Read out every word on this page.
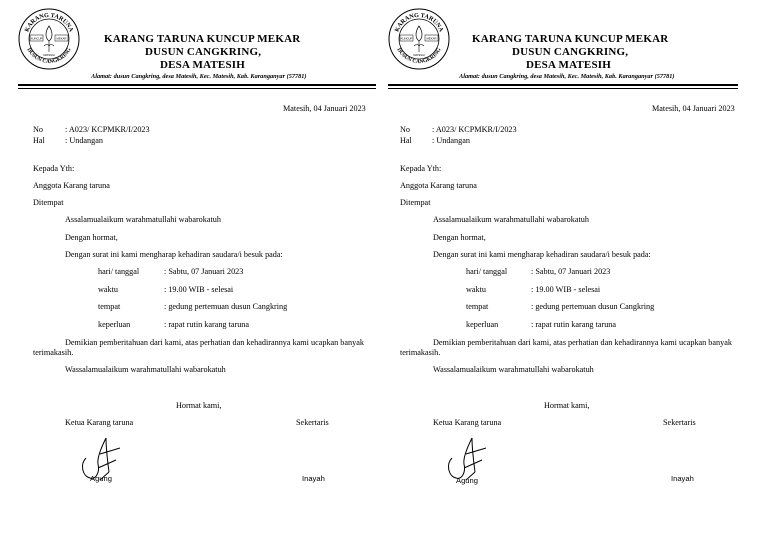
KARANG TARUNA
DUSUN CANGKRING
KUNCUP	MEKAR
MATESIH
KARANG TARUNA KUNCUP MEKAR
DUSUN CANGKRING,
DESA MATESIH
Alamat: dusun Cangkring, desa Matesih, Kec. Matesih, Kab. Karanganyar (57781)
Matesih, 04 Januari 2023
No	: A023/ KCPMKR/I/2023
Hal : Undangan
Kepada Yth:
Anggota Karang taruna
Ditempat
Assalamualaikum warahmatullahi wabarokatuh
Dengan hormat,
Dengan surat ini kami mengharap kehadiran saudara/i besuk pada:
hari/ tanggal	: Sabtu, 07 Januari 2023
waktu	: 19.00 WIB - selesai
tempat	: gedung pertemuan dusun Cangkring
keperluan	: rapat rutin karang taruna
Demikian pemberitahuan dari kami, atas perhatian dan kehadirannya kami ucapkan banyak
terimakasih.
Wassalamualaikum warahmatullahi wabarokatuh
Hormat kami,
Ketua Karang taruna	Sekertaris
Agung	Inayah
KARANG TARUNA
DUSUN CANGKRING
KUNCUP	MEKAR
MATESIH
KARANG TARUNA KUNCUP MEKAR
DUSUN CANGKRING,
DESA MATESIH
Alamat: dusun Cangkring, desa Matesih, Kec. Matesih, Kab. Karanganyar (57781)
Matesih, 04 Januari 2023
No	: A023/ KCPMKR/I/2023
Hal : Undangan
Kepada Yth:
Anggota Karang taruna
Ditempat
Assalamualaikum warahmatullahi wabarokatuh
Dengan hormat,
Dengan surat ini kami mengharap kehadiran saudara/i besuk pada:
hari/ tanggal	: Sabtu, 07 Januari 2023
waktu	: 19.00 WIB - selesai
tempat	: gedung pertemuan dusun Cangkring
keperluan	: rapat rutin karang taruna
Demikian pemberitahuan dari kami, atas perhatian dan kehadirannya kami ucapkan banyak
terimakasih.
Wassalamualaikum warahmatullahi wabarokatuh
Hormat kami,
Ketua Karang taruna	Sekertaris
Agung	Inayah
